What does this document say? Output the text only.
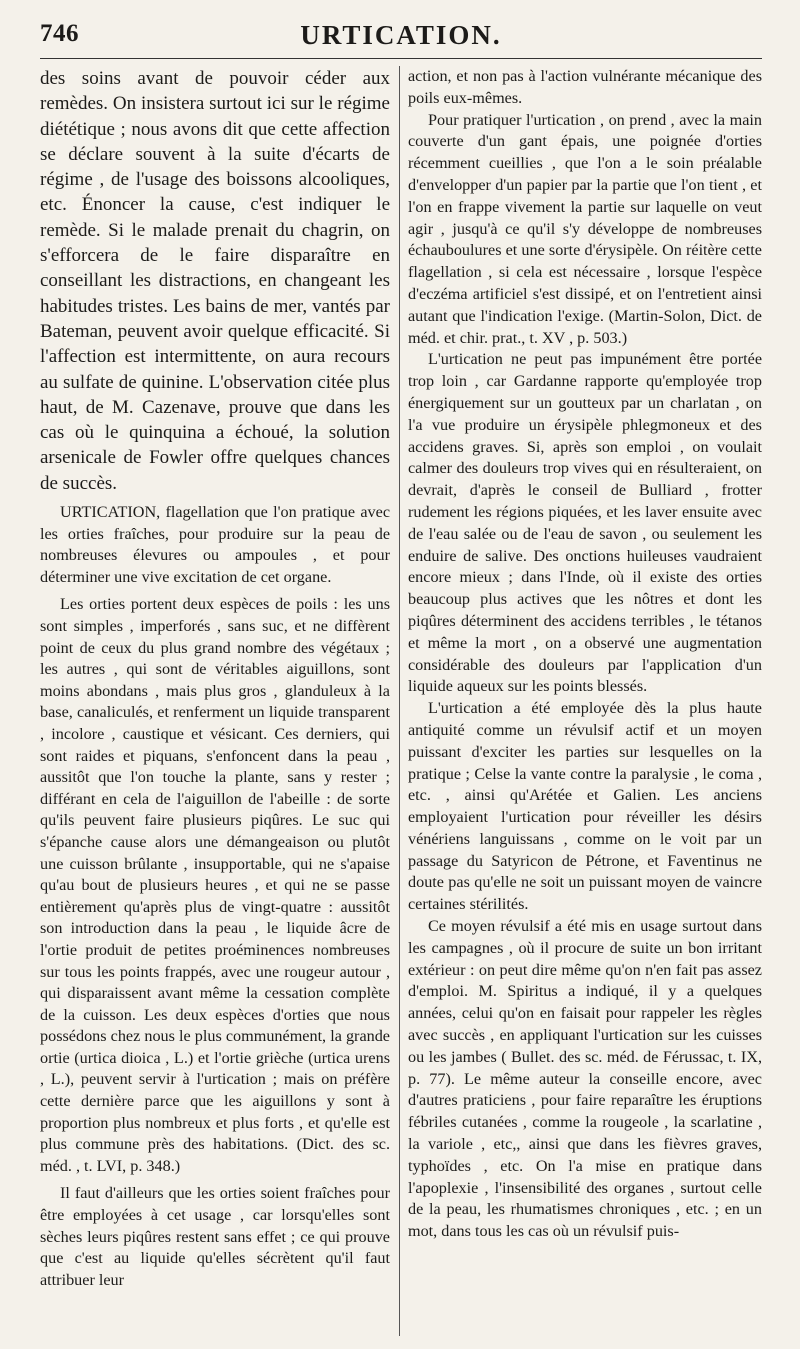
746	URTICATION.

des soins avant de pouvoir céder aux remèdes. On insistera surtout ici sur le régime diététique ; nous avons dit que cette affection se déclare souvent à la suite d'écarts de régime , de l'usage des boissons alcooliques, etc. Énoncer la cause, c'est indiquer le remède. Si le malade prenait du chagrin, on s'efforcera de le faire disparaître en conseillant les distractions, en changeant les habitudes tristes. Les bains de mer, vantés par Bateman, peuvent avoir quelque efficacité. Si l'affection est intermittente, on aura recours au sulfate de quinine. L'observation citée plus haut, de M. Cazenave, prouve que dans les cas où le quinquina a échoué, la solution arsenicale de Fowler offre quelques chances de succès.

URTICATION, flagellation que l'on pratique avec les orties fraîches, pour produire sur la peau de nombreuses élevures ou ampoules , et pour déterminer une vive excitation de cet organe.

Les orties portent deux espèces de poils : les uns sont simples , imperforés , sans suc, et ne diffèrent point de ceux du plus grand nombre des végétaux ; les autres , qui sont de véritables aiguillons, sont moins abondans , mais plus gros , glanduleux à la base, canaliculés, et renferment un liquide transparent , incolore , caustique et vésicant. Ces derniers, qui sont raides et piquans, s'enfoncent dans la peau , aussitôt que l'on touche la plante, sans y rester ; différant en cela de l'aiguillon de l'abeille : de sorte qu'ils peuvent faire plusieurs piqûres. Le suc qui s'épanche cause alors une démangeaison ou plutôt une cuisson brûlante , insupportable, qui ne s'apaise qu'au bout de plusieurs heures , et qui ne se passe entièrement qu'après plus de vingt-quatre : aussitôt son introduction dans la peau , le liquide âcre de l'ortie produit de petites proéminences nombreuses sur tous les points frappés, avec une rougeur autour , qui disparaissent avant même la cessation complète de la cuisson. Les deux espèces d'orties que nous possédons chez nous le plus communément, la grande ortie (urtica dioica , L.) et l'ortie grièche (urtica urens , L.), peuvent servir à l'urtication ; mais on préfère cette dernière parce que les aiguillons y sont à proportion plus nombreux et plus forts , et qu'elle est plus commune près des habitations. (Dict. des sc. méd. , t. LVI, p. 348.)

Il faut d'ailleurs que les orties soient fraîches pour être employées à cet usage , car lorsqu'elles sont sèches leurs piqûres restent sans effet ; ce qui prouve que c'est au liquide qu'elles sécrètent qu'il faut attribuer leur

action, et non pas à l'action vulnérante mécanique des poils eux-mêmes.

Pour pratiquer l'urtication , on prend , avec la main couverte d'un gant épais, une poignée d'orties récemment cueillies , que l'on a le soin préalable d'envelopper d'un papier par la partie que l'on tient , et l'on en frappe vivement la partie sur laquelle on veut agir , jusqu'à ce qu'il s'y développe de nombreuses échauboulures et une sorte d'érysipèle. On réitère cette flagellation , si cela est nécessaire , lorsque l'espèce d'eczéma artificiel s'est dissipé, et on l'entretient ainsi autant que l'indication l'exige. (Martin-Solon, Dict. de méd. et chir. prat., t. XV , p. 503.)

L'urtication ne peut pas impunément être portée trop loin , car Gardanne rapporte qu'employée trop énergiquement sur un goutteux par un charlatan , on l'a vue produire un érysipèle phlegmoneux et des accidens graves. Si, après son emploi , on voulait calmer des douleurs trop vives qui en résulteraient, on devrait, d'après le conseil de Bulliard , frotter rudement les régions piquées, et les laver ensuite avec de l'eau salée ou de l'eau de savon , ou seulement les enduire de salive. Des onctions huileuses vaudraient encore mieux ; dans l'Inde, où il existe des orties beaucoup plus actives que les nôtres et dont les piqûres déterminent des accidens terribles , le tétanos et même la mort , on a observé une augmentation considérable des douleurs par l'application d'un liquide aqueux sur les points blessés.

L'urtication a été employée dès la plus haute antiquité comme un révulsif actif et un moyen puissant d'exciter les parties sur lesquelles on la pratique ; Celse la vante contre la paralysie , le coma , etc. , ainsi qu'Arétée et Galien. Les anciens employaient l'urtication pour réveiller les désirs vénériens languissans , comme on le voit par un passage du Satyricon de Pétrone, et Faventinus ne doute pas qu'elle ne soit un puissant moyen de vaincre certaines stérilités.

Ce moyen révulsif a été mis en usage surtout dans les campagnes , où il procure de suite un bon irritant extérieur : on peut dire même qu'on n'en fait pas assez d'emploi. M. Spiritus a indiqué, il y a quelques années, celui qu'on en faisait pour rappeler les règles avec succès , en appliquant l'urtication sur les cuisses ou les jambes ( Bullet. des sc. méd. de Férussac, t. IX, p. 77). Le même auteur la conseille encore, avec d'autres praticiens , pour faire reparaître les éruptions fébriles cutanées , comme la rougeole , la scarlatine , la variole , etc,, ainsi que dans les fièvres graves, typhoïdes , etc. On l'a mise en pratique dans l'apoplexie , l'insensibilité des organes , surtout celle de la peau, les rhumatismes chroniques , etc. ; en un mot, dans tous les cas où un révulsif puis-
